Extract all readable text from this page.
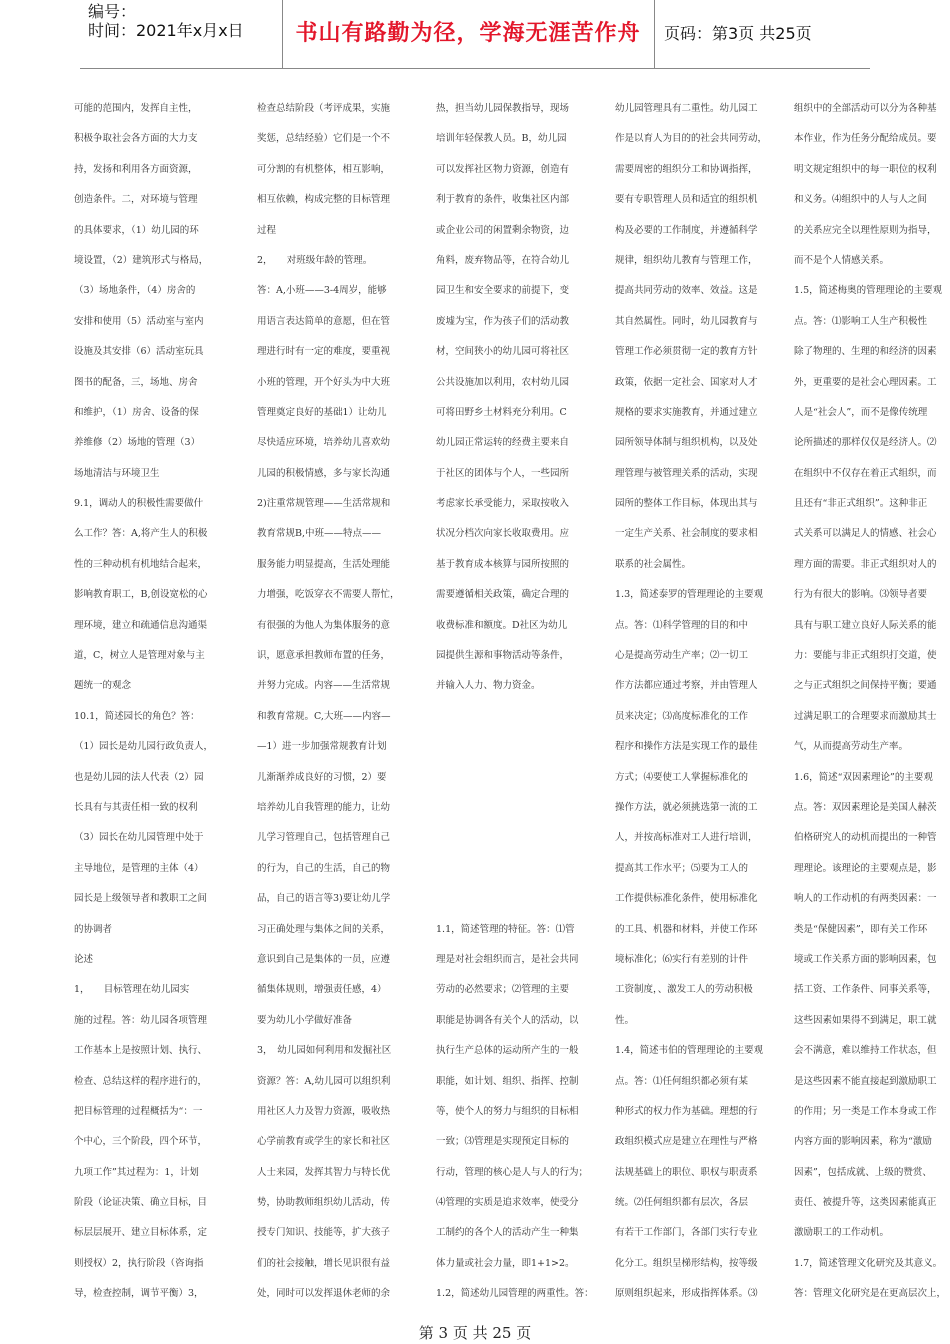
编号：
时间：2021年x月x日	书山有路勤为径，学海无涯苦作舟	页码：第3页 共25页
可能的范围内，发挥自主性，
积极争取社会各方面的大力支
持，发扬和利用各方面资源，
创造条件。二，对环境与管理
的具体要求，（1）幼儿园的环
境设置，（2）建筑形式与格局，
（3）场地条件，（4）房舍的
安排和使用（5）活动室与室内
设施及其安排（6）活动室玩具
图书的配备，三，场地、房舍
和维护，（1）房舍、设备的保
养维修（2）场地的管理（3）
场地清洁与环境卫生
9.1，调动人的积极性需要做什
么工作？答：A,将产生人的积极
性的三种动机有机地结合起来，
影响教育职工，B,创设宽松的心
理环境，建立和疏通信息沟通渠
道，C，树立人是管理对象与主
题统一的观念
10.1，简述园长的角色？答：
（1）园长是幼儿园行政负责人，
也是幼儿园的法人代表（2）园
长具有与其责任相一致的权利
（3）园长在幼儿园管理中处于
主导地位，是管理的主体（4）
园长是上级领导者和教职工之间
的协调者
论述
1，　　目标管理在幼儿园实
施的过程。答：幼儿园各项管理
工作基本上是按照计划、执行、
检查、总结这样的程序进行的，
把目标管理的过程概括为“：一
个中心，三个阶段，四个环节，
九项工作”其过程为：1，计划
阶段（论证决策、确立目标，目
标层层展开、建立目标体系，定
则授权）2，执行阶段（咨询指
导，检查控制，调节平衡）3，
检查总结阶段（考评成果，实施
奖惩，总结经验）它们是一个不
可分割的有机整体，相互影响，
相互依赖，构成完整的目标管理
过程
2，　　对班级年龄的管理。
答：A,小班——3-4周岁，能够
用语言表达简单的意愿，但在管
理进行时有一定的难度，要重视
小班的管理，开个好头为中大班
管理奠定良好的基础1）让幼儿
尽快适应环境，培养幼儿喜欢幼
儿园的积极情感，多与家长沟通
2)注重常规管理——生活常规和
教育常规B,中班——特点——
服务能力明显提高，生活处理能
力增强，吃饭穿衣不需要人帮忙，
有很强的为他人为集体服务的意
识，愿意承担教师布置的任务，
并努力完成。内容——生活常规
和教育常规。C,大班——内容—
—1）进一步加强常规教育计划
儿渐渐养成良好的习惯，2）要
培养幼儿自我管理的能力，让幼
儿学习管理自己，包括管理自己
的行为，自己的生活，自己的物
品，自己的语言等3)要让幼儿学
习正确处理与集体之间的关系，
意识到自己是集体的一员，应遵
循集体规则，增强责任感，4）
要为幼儿小学做好准备
3，　幼儿园如何利用和发掘社区
资源？答：A,幼儿园可以组织利
用社区人力及智力资源，吸收热
心学前教育或学生的家长和社区
人士来园，发挥其智力与特长优
势，协助教师组织幼儿活动，传
授专门知识、技能等，扩大孩子
们的社会接触，增长见识很有益
处，同时可以发挥退休老师的余
热，担当幼儿园保教指导，现场
培训年轻保教人员。B，幼儿园
可以发挥社区物力资源，创造有
利于教育的条件，收集社区内部
或企业公司的闲置剩余物资，边
角料，废弃物品等，在符合幼儿
园卫生和安全要求的前提下，变
废墟为宝，作为孩子们的活动教
材，空间狭小的幼儿园可将社区
公共设施加以利用，农村幼儿园
可将田野乡土材料充分利用。C
幼儿园正常运转的经费主要来自
于社区的团体与个人，一些园所
考虑家长承受能力，采取按收入
状况分档次向家长收取费用。应
基于教育成本核算与园所按照的
需要遵循相关政策，确定合理的
收费标准和额度。D社区为幼儿
园提供生源和事物活动等条件，
并输入人力、物力资金。
1.1，简述管理的特征。答：⑴管
理是对社会组织而言，是社会共同
劳动的必然要求；⑵管理的主要
职能是协调各有关个人的活动，以
执行生产总体的运动所产生的一般
职能，如计划、组织、指挥、控制
等，使个人的努力与组织的目标相
一致；⑶管理是实现预定目标的
行动，管理的核心是人与人的行为；
⑷管理的实质是追求效率，使受分
工制约的各个人的活动产生一种集
体力量或社会力量，即1+1>2。
1.2，简述幼儿园管理的两重性。答：
幼儿园管理具有二重性。幼儿园工
作是以育人为目的的社会共同劳动，
需要周密的组织分工和协调指挥，
要有专职管理人员和适宜的组织机
构及必要的工作制度，并遵循科学
规律，组织幼儿教育与管理工作，
提高共同劳动的效率、效益。这是
其自然属性。同时，幼儿园教育与
管理工作必须贯彻一定的教育方针
政策，依据一定社会、国家对人才
规格的要求实施教育，并通过建立
园所领导体制与组织机构，以及处
理管理与被管理关系的活动，实现
园所的整体工作目标，体现出其与
一定生产关系、社会制度的要求相
联系的社会属性。
1.3，简述泰罗的管理理论的主要观
点。答：⑴科学管理的目的和中
心是提高劳动生产率；⑵一切工
作方法都应通过考察，并由管理人
员来决定；⑶高度标准化的工作
程序和操作方法是实现工作的最佳
方式；⑷要使工人掌握标准化的
操作方法，就必须挑选第一流的工
人，并按高标准对工人进行培训，
提高其工作水平；⑸要为工人的
工作提供标准化条件，使用标准化
的工具、机器和材料，并使工作环
境标准化；⑹实行有差别的计件
工资制度，、激发工人的劳动积极
性。
1.4，简述韦伯的管理理论的主要观
点。答：⑴任何组织都必须有某
种形式的权力作为基础。理想的行
政组织模式应是建立在理性与严格
法规基础上的职位、职权与职责系
统。⑵任何组织都有层次，各层
有若干工作部门，各部门实行专业
化分工。组织呈梯形结构，按等级
原则组织起来，形成指挥体系。⑶
组织中的全部活动可以分为各种基
本作业，作为任务分配给成员。要
明文规定组织中的每一职位的权利
和义务。⑷组织中的人与人之间
的关系应完全以理性原则为指导，
而不是个人情感关系。
1.5，简述梅奥的管理理论的主要观
点。答：⑴影响工人生产积极性
除了物理的、生理的和经济的因素
外，更重要的是社会心理因素。工
人是“社会人”，而不是像传统理
论所描述的那样仅仅是经济人。⑵
在组织中不仅存在着正式组织，而
且还有“非正式组织”。这种非正
式关系可以满足人的情感、社会心
理方面的需要。非正式组织对人的
行为有很大的影响。⑶领导者要
具有与职工建立良好人际关系的能
力：要能与非正式组织打交道，使
之与正式组织之间保持平衡；要通
过满足职工的合理要求而激励其士
气，从而提高劳动生产率。
1.6，简述“双因素理论”的主要观
点。答：双因素理论是美国人赫茨
伯格研究人的动机而提出的一种管
理理论。该理论的主要观点是，影
响人的工作动机的有两类因素：一
类是“保健因素”，即有关工作环
境或工作关系方面的影响因素，包
括工资、工作条件、同事关系等，
这些因素如果得不到满足，职工就
会不满意，难以维持工作状态，但
是这些因素不能直接起到激励职工
的作用；另一类是工作本身或工作
内容方面的影响因素，称为“激励
因素”，包括成就、上级的赞赏、
责任、被提升等，这类因素能真正
激励职工的工作动机。
1.7，简述管理文化研究及其意义。
答：管理文化研究是在更高层次上，
第 3 页 共 25 页
